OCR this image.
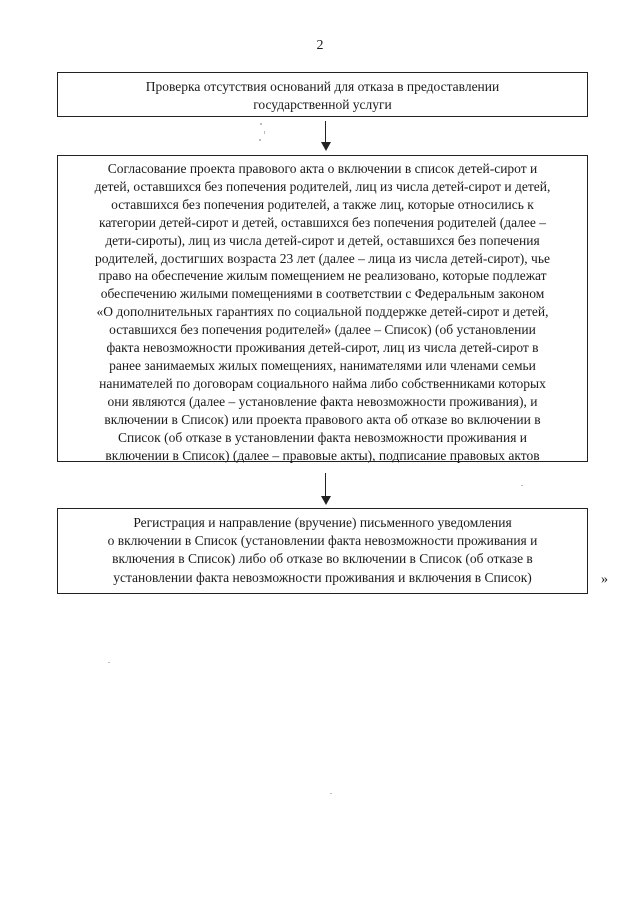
2
Проверка отсутствия оснований для отказа в предоставлении
государственной услуги
Согласование проекта правового акта о включении в список детей-сирот и
детей, оставшихся без попечения родителей, лиц из числа детей-сирот и детей,
оставшихся без попечения родителей, а также лиц, которые относились к
категории детей-сирот и детей, оставшихся без попечения родителей (далее –
дети-сироты), лиц из числа детей-сирот и детей, оставшихся без попечения
родителей, достигших возраста 23 лет (далее – лица из числа детей-сирот), чье
право на обеспечение жилым помещением не реализовано, которые подлежат
обеспечению жилыми помещениями в соответствии с Федеральным законом
«О дополнительных гарантиях по социальной поддержке детей-сирот и детей,
оставшихся без попечения родителей» (далее – Список) (об установлении
факта невозможности проживания детей-сирот, лиц из числа детей-сирот в
ранее занимаемых жилых помещениях, нанимателями или членами семьи
нанимателей по договорам социального найма либо собственниками которых
они являются (далее – установление факта невозможности проживания), и
включении в Список) или проекта правового акта об отказе во включении в
Список (об отказе в установлении факта невозможности проживания и
включении в Список) (далее – правовые акты), подписание правовых актов
Регистрация и направление (вручение) письменного уведомления
о включении в Список (установлении факта невозможности проживания и
включения в Список) либо об отказе во включении в Список (об отказе в
установлении факта невозможности проживания и включения в Список)	»
